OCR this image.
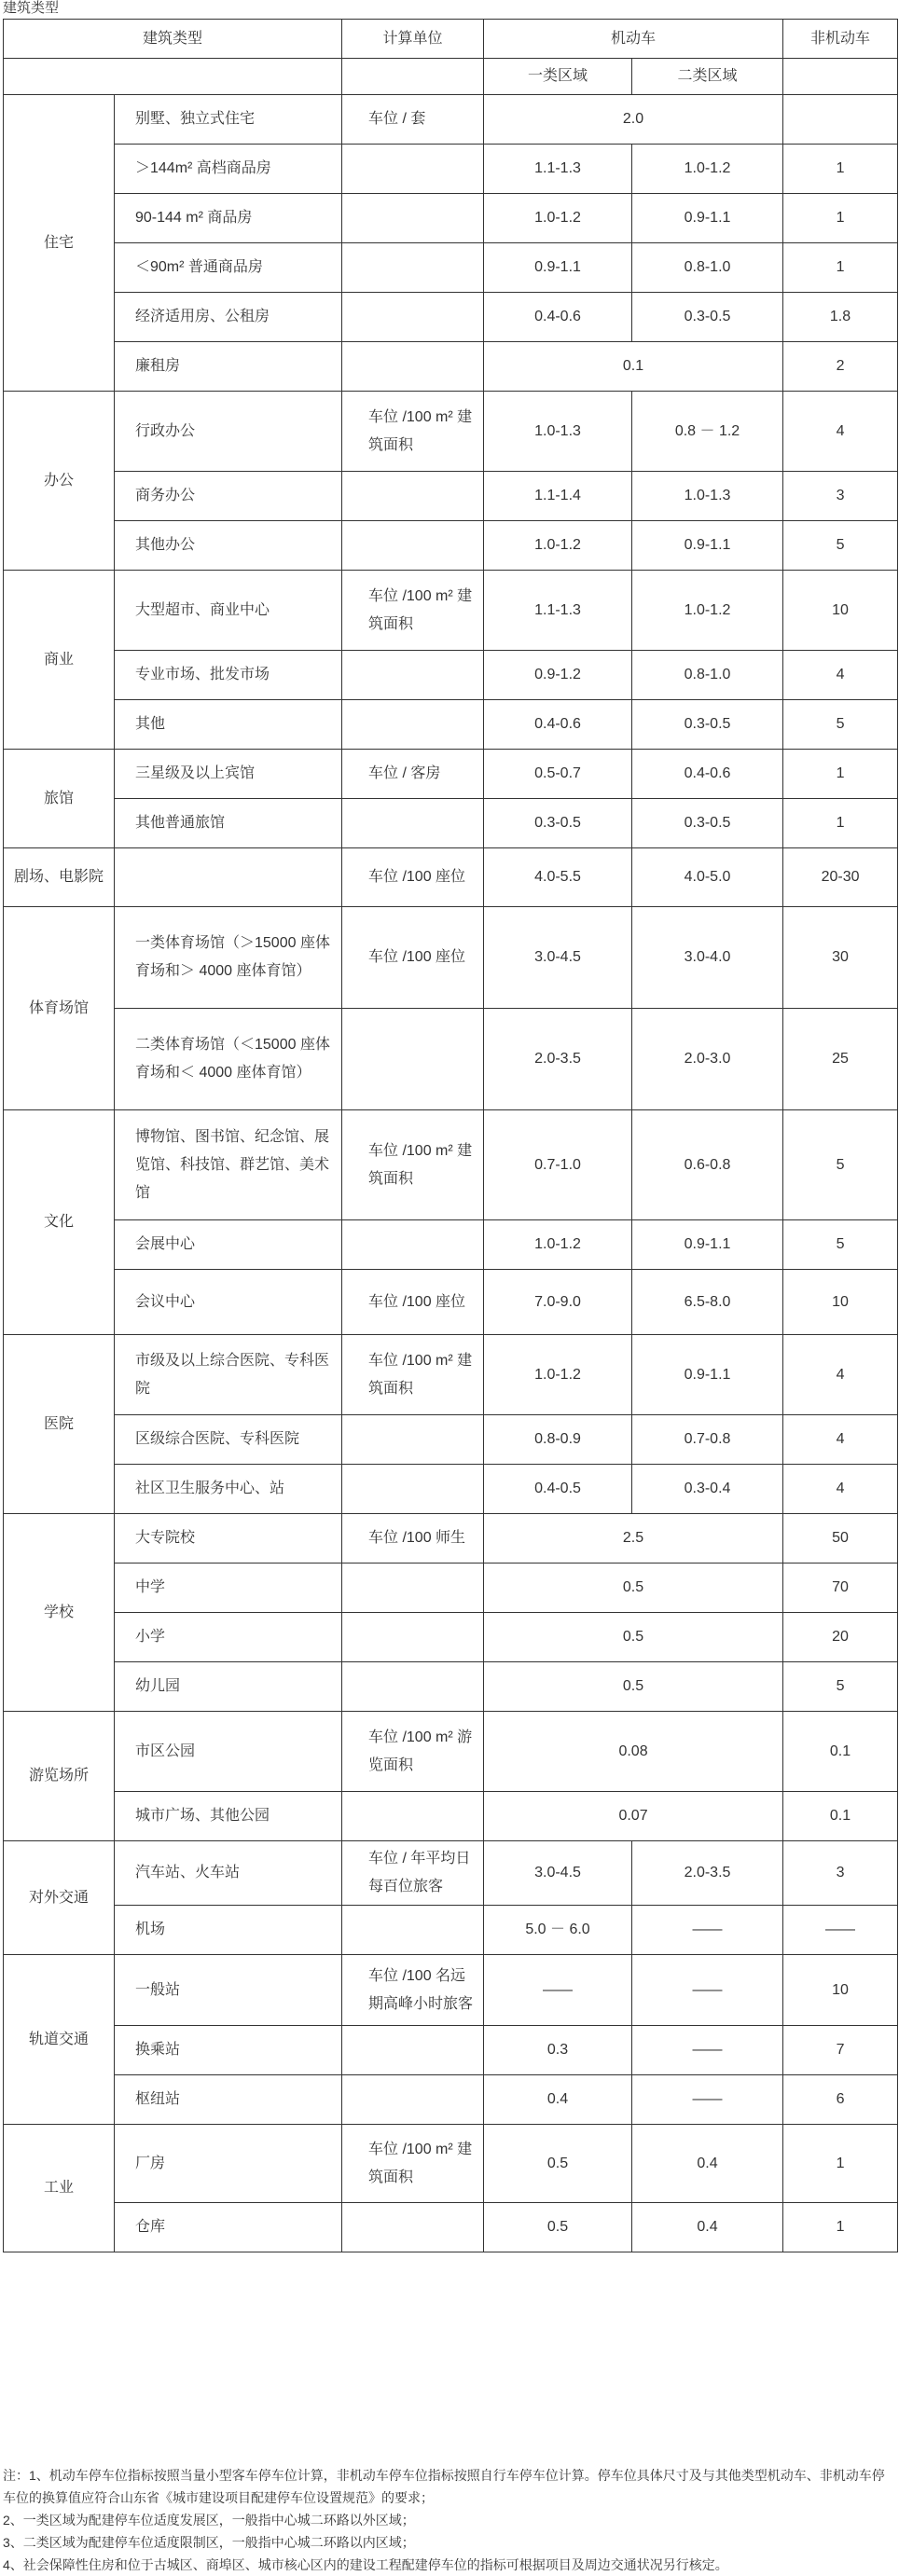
建筑类型
建筑类型		计算单位	机动车		非机动车
			一类区域	二类区域	
住宅	别墅、独立式住宅	车位 / 套	2.0		
	＞144m² 高档商品房		1.1-1.3	1.0-1.2	1
	90-144 m² 商品房		1.0-1.2	0.9-1.1	1
	＜90m² 普通商品房		0.9-1.1	0.8-1.0	1
	经济适用房、公租房		0.4-0.6	0.3-0.5	1.8
	廉租房		0.1		2
办公	行政办公	车位 /100 m² 建筑面积	1.0-1.3	0.8 － 1.2	4
	商务办公		1.1-1.4	1.0-1.3	3
	其他办公		1.0-1.2	0.9-1.1	5
商业	大型超市、商业中心	车位 /100 m² 建筑面积	1.1-1.3	1.0-1.2	10
	专业市场、批发市场		0.9-1.2	0.8-1.0	4
	其他		0.4-0.6	0.3-0.5	5
旅馆	三星级及以上宾馆	车位 / 客房	0.5-0.7	0.4-0.6	1
	其他普通旅馆		0.3-0.5	0.3-0.5	1
剧场、电影院		车位 /100 座位	4.0-5.5	4.0-5.0	20-30
体育场馆	一类体育场馆（＞15000 座体育场和＞ 4000 座体育馆）	车位 /100 座位	3.0-4.5	3.0-4.0	30
	二类体育场馆（＜15000 座体育场和＜ 4000 座体育馆）		2.0-3.5	2.0-3.0	25
文化	博物馆、图书馆、纪念馆、展览馆、科技馆、群艺馆、美术馆	车位 /100 m² 建筑面积	0.7-1.0	0.6-0.8	5
	会展中心		1.0-1.2	0.9-1.1	5
	会议中心	车位 /100 座位	7.0-9.0	6.5-8.0	10
医院	市级及以上综合医院、专科医院	车位 /100 m² 建筑面积	1.0-1.2	0.9-1.1	4
	区级综合医院、专科医院		0.8-0.9	0.7-0.8	4
	社区卫生服务中心、站		0.4-0.5	0.3-0.4	4
学校	大专院校	车位 /100 师生	2.5		50
	中学		0.5		70
	小学		0.5		20
	幼儿园		0.5		5
游览场所	市区公园	车位 /100 m² 游览面积	0.08		0.1
	城市广场、其他公园		0.07		0.1
对外交通	汽车站、火车站	车位 / 年平均日每百位旅客	3.0-4.5	2.0-3.5	3
	机场		5.0 － 6.0	——	——
轨道交通	一般站	车位 /100 名远期高峰小时旅客	——	——	10
	换乘站		0.3	——	7
	枢纽站		0.4	——	6
工业	厂房	车位 /100 m² 建筑面积	0.5	0.4	1
	仓库		0.5	0.4	1

注：1、机动车停车位指标按照当量小型客车停车位计算，非机动车停车位指标按照自行车停车位计算。停车位具体尺寸及与其他类型机动车、非机动车停车位的换算值应符合山东省《城市建设项目配建停车位设置规范》的要求；

2、一类区域为配建停车位适度发展区，一般指中心城二环路以外区域；

3、二类区域为配建停车位适度限制区，一般指中心城二环路以内区域；

4、社会保障性住房和位于古城区、商埠区、城市核心区内的建设工程配建停车位的指标可根据项目及周边交通状况另行核定。
